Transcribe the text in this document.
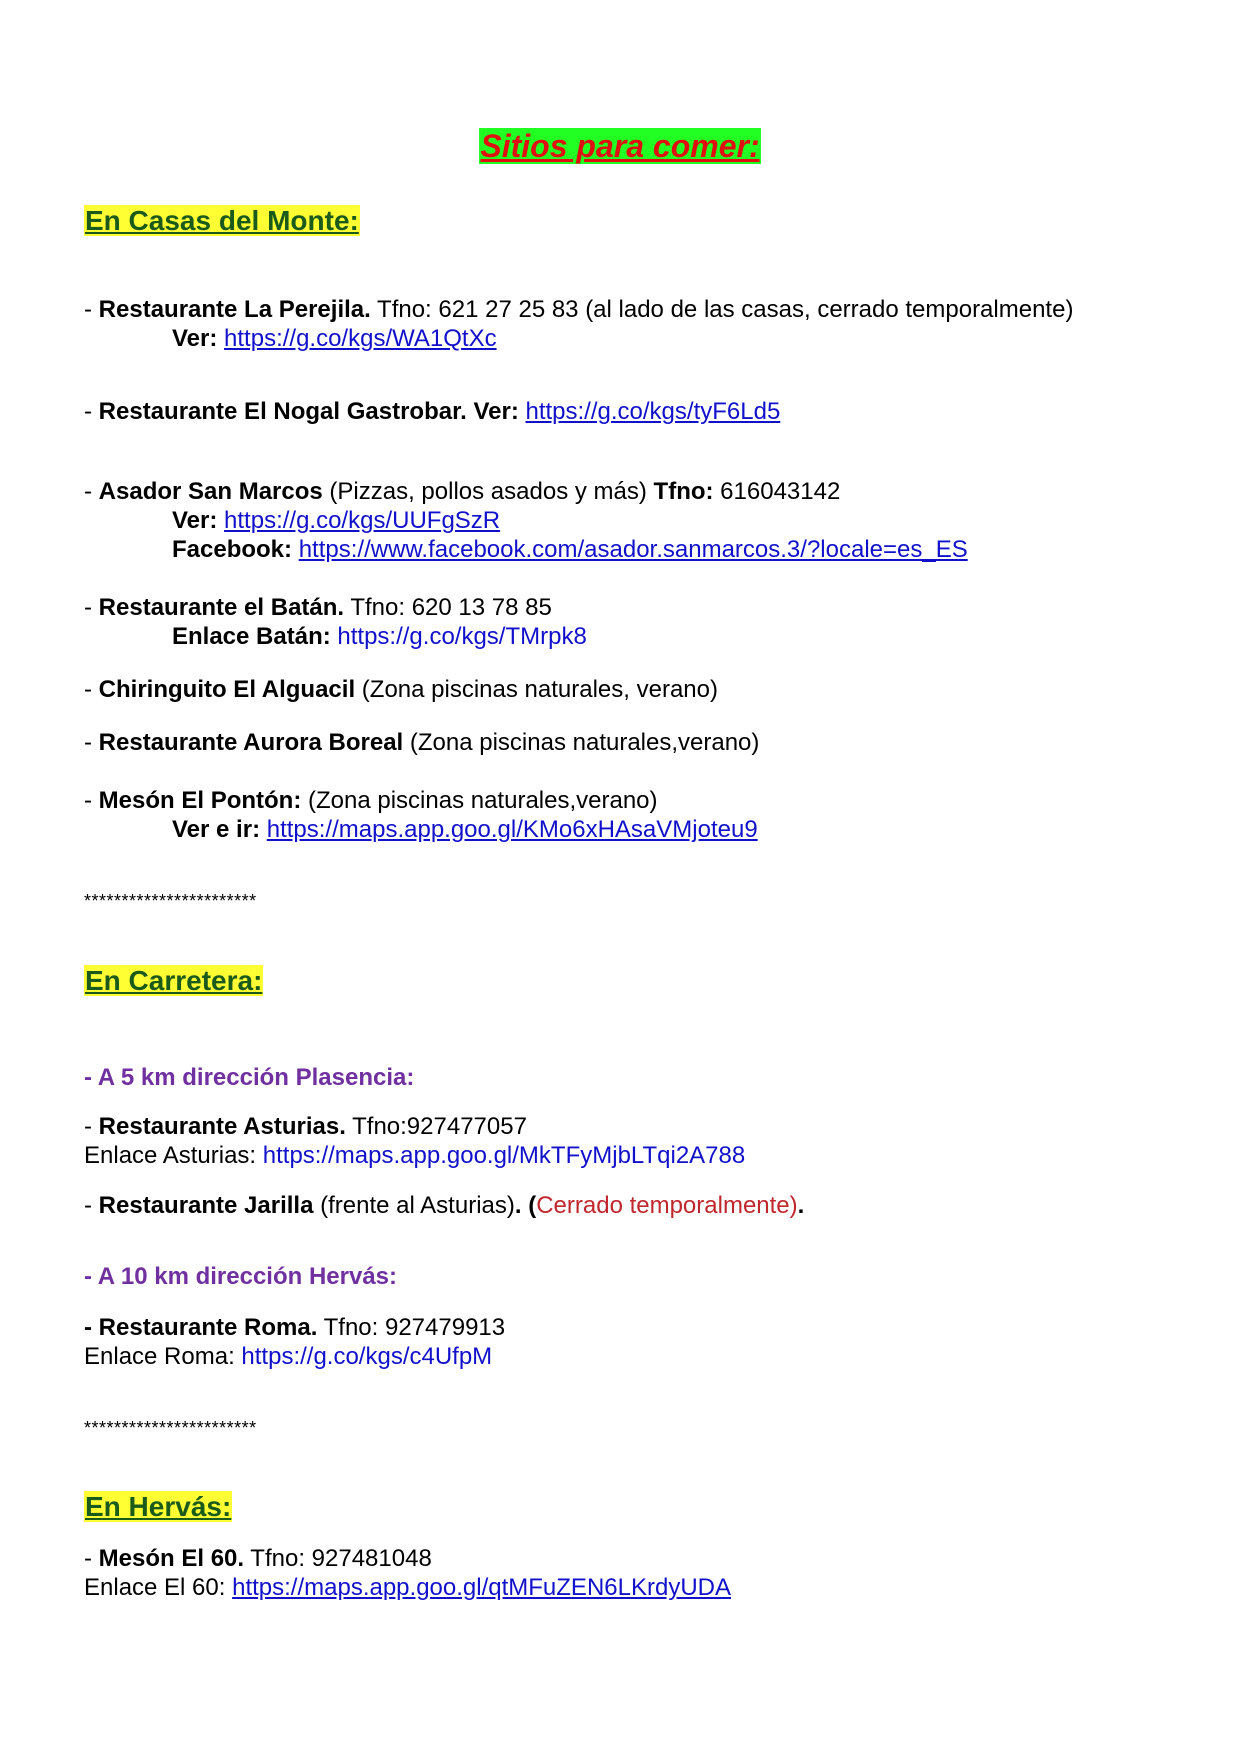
Sitios para comer:
En Casas del Monte:
- Restaurante La Perejila. Tfno: 621 27 25 83 (al lado de las casas, cerrado temporalmente)
Ver: https://g.co/kgs/WA1QtXc
- Restaurante El Nogal Gastrobar. Ver: https://g.co/kgs/tyF6Ld5
- Asador San Marcos (Pizzas, pollos asados y más) Tfno: 616043142
Ver: https://g.co/kgs/UUFgSzR
Facebook: https://www.facebook.com/asador.sanmarcos.3/?locale=es_ES
- Restaurante el Batán. Tfno: 620 13 78 85
Enlace Batán: https://g.co/kgs/TMrpk8
- Chiringuito El Alguacil (Zona piscinas naturales, verano)
- Restaurante Aurora Boreal (Zona piscinas naturales,verano)
- Mesón El Pontón: (Zona piscinas naturales,verano)
Ver e ir: https://maps.app.goo.gl/KMo6xHAsaVMjoteu9
***********************
En Carretera:
- A 5 km dirección Plasencia:
- Restaurante Asturias. Tfno:927477057
Enlace Asturias: https://maps.app.goo.gl/MkTFyMjbLTqi2A788
- Restaurante Jarilla (frente al Asturias). (Cerrado temporalmente).
- A 10 km dirección Hervás:
- Restaurante Roma. Tfno: 927479913
Enlace Roma: https://g.co/kgs/c4UfpM
***********************
En Hervás:
- Mesón El 60. Tfno: 927481048
Enlace El 60: https://maps.app.goo.gl/qtMFuZEN6LKrdyUDA
